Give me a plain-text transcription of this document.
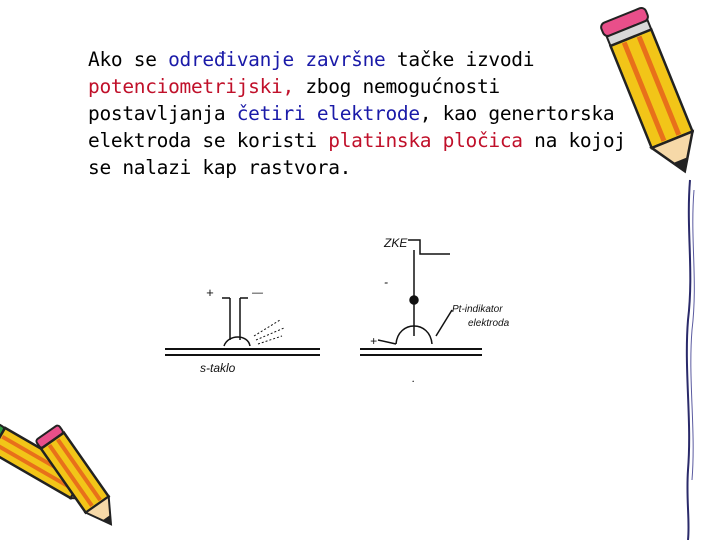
Ako se određivanje završne tačke izvodi
potenciometrijski, zbog nemogućnosti
postavljanja četiri elektrode, kao genertorska
elektroda se koristi platinska pločica na kojoj
se nalazi kap rastvora.

+	—
s-taklo
ZKE
-
+
Pt-indikator
elektroda
.
